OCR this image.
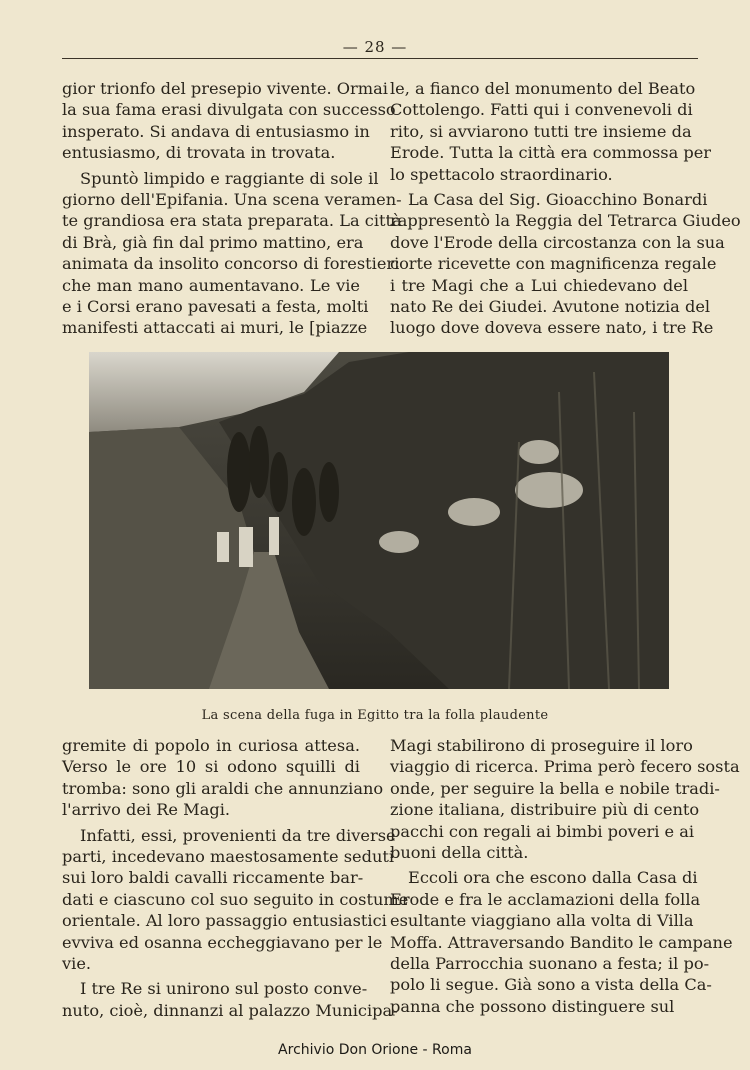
— 28 —
gior trionfo del presepio vivente. Ormai
la sua fama erasi divulgata con successo
insperato. Si andava di entusiasmo in
entusiasmo, di trovata in trovata.
Spuntò limpido e raggiante di sole il
giorno dell'Epifania. Una scena veramen-
te grandiosa era stata preparata. La città
di Brà, già fin dal primo mattino, era
animata da insolito concorso di forestieri
che man mano aumentavano. Le vie
e i Corsi erano pavesati a festa, molti
manifesti attaccati ai muri, le [piazze
le, a fianco del monumento del Beato
Cottolengo. Fatti qui i convenevoli di
rito, si avviarono tutti tre insieme da
Erode. Tutta la città era commossa per
lo spettacolo straordinario.
La Casa del Sig. Gioacchino Bonardi
rappresentò la Reggia del Tetrarca Giudeo
dove l'Erode della circostanza con la sua
corte ricevette con magnificenza regale
i tre Magi che a Lui chiedevano del
nato Re dei Giudei. Avutone notizia del
luogo dove doveva essere nato, i tre Re
La scena della fuga in Egitto tra la folla plaudente
gremite di popolo in curiosa attesa.
Verso le ore 10 si odono squilli di
tromba: sono gli araldi che annunziano
l'arrivo dei Re Magi.
Infatti, essi, provenienti da tre diverse
parti, incedevano maestosamente seduti
sui loro baldi cavalli riccamente bar-
dati e ciascuno col suo seguito in costume
orientale. Al loro passaggio entusiastici
evviva ed osanna eccheggiavano per le
vie.
I tre Re si unirono sul posto conve-
nuto, cioè, dinnanzi al palazzo Municipa-
Magi stabilirono di proseguire il loro
viaggio di ricerca. Prima però fecero sosta
onde, per seguire la bella e nobile tradi-
zione italiana, distribuire più di cento
pacchi con regali ai bimbi poveri e ai
buoni della città.
Eccoli ora che escono dalla Casa di
Erode e fra le acclamazioni della folla
esultante viaggiano alla volta di Villa
Moffa. Attraversando Bandito le campane
della Parrocchia suonano a festa; il po-
polo li segue. Già sono a vista della Ca-
panna che possono distinguere sul
Archivio Don Orione - Roma
